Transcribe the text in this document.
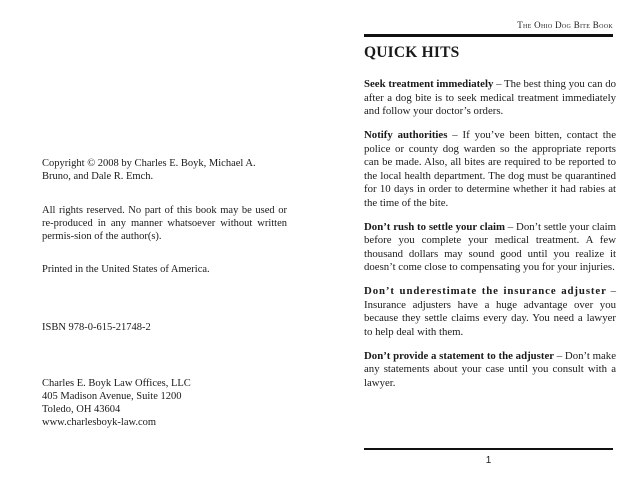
Copyright © 2008 by Charles E. Boyk, Michael A. Bruno, and Dale R. Emch.

All rights reserved. No part of this book may be used or re-produced in any manner whatsoever without written permis-sion of the author(s).

Printed in the United States of America.

ISBN 978-0-615-21748-2

Charles E. Boyk Law Offices, LLC
405 Madison Avenue, Suite 1200
Toledo, OH 43604
www.charlesboyk-law.com

The Ohio Dog Bite Book
QUICK HITS

Seek treatment immediately – The best thing you can do after a dog bite is to seek medical treatment immediately and follow your doctor’s orders.

Notify authorities – If you’ve been bitten, contact the police or county dog warden so the appropriate reports can be made. Also, all bites are required to be reported to the local health department. The dog must be quarantined for 10 days in order to determine whether it had rabies at the time of the bite.

Don’t rush to settle your claim – Don’t settle your claim before you complete your medical treatment. A few thousand dollars may sound good until you realize it doesn’t come close to compensating you for your injuries.

Don’t underestimate the insurance adjuster – Insurance adjusters have a huge advantage over you because they settle claims every day. You need a lawyer to help deal with them.

Don’t provide a statement to the adjuster – Don’t make any statements about your case until you consult with a lawyer.

1
